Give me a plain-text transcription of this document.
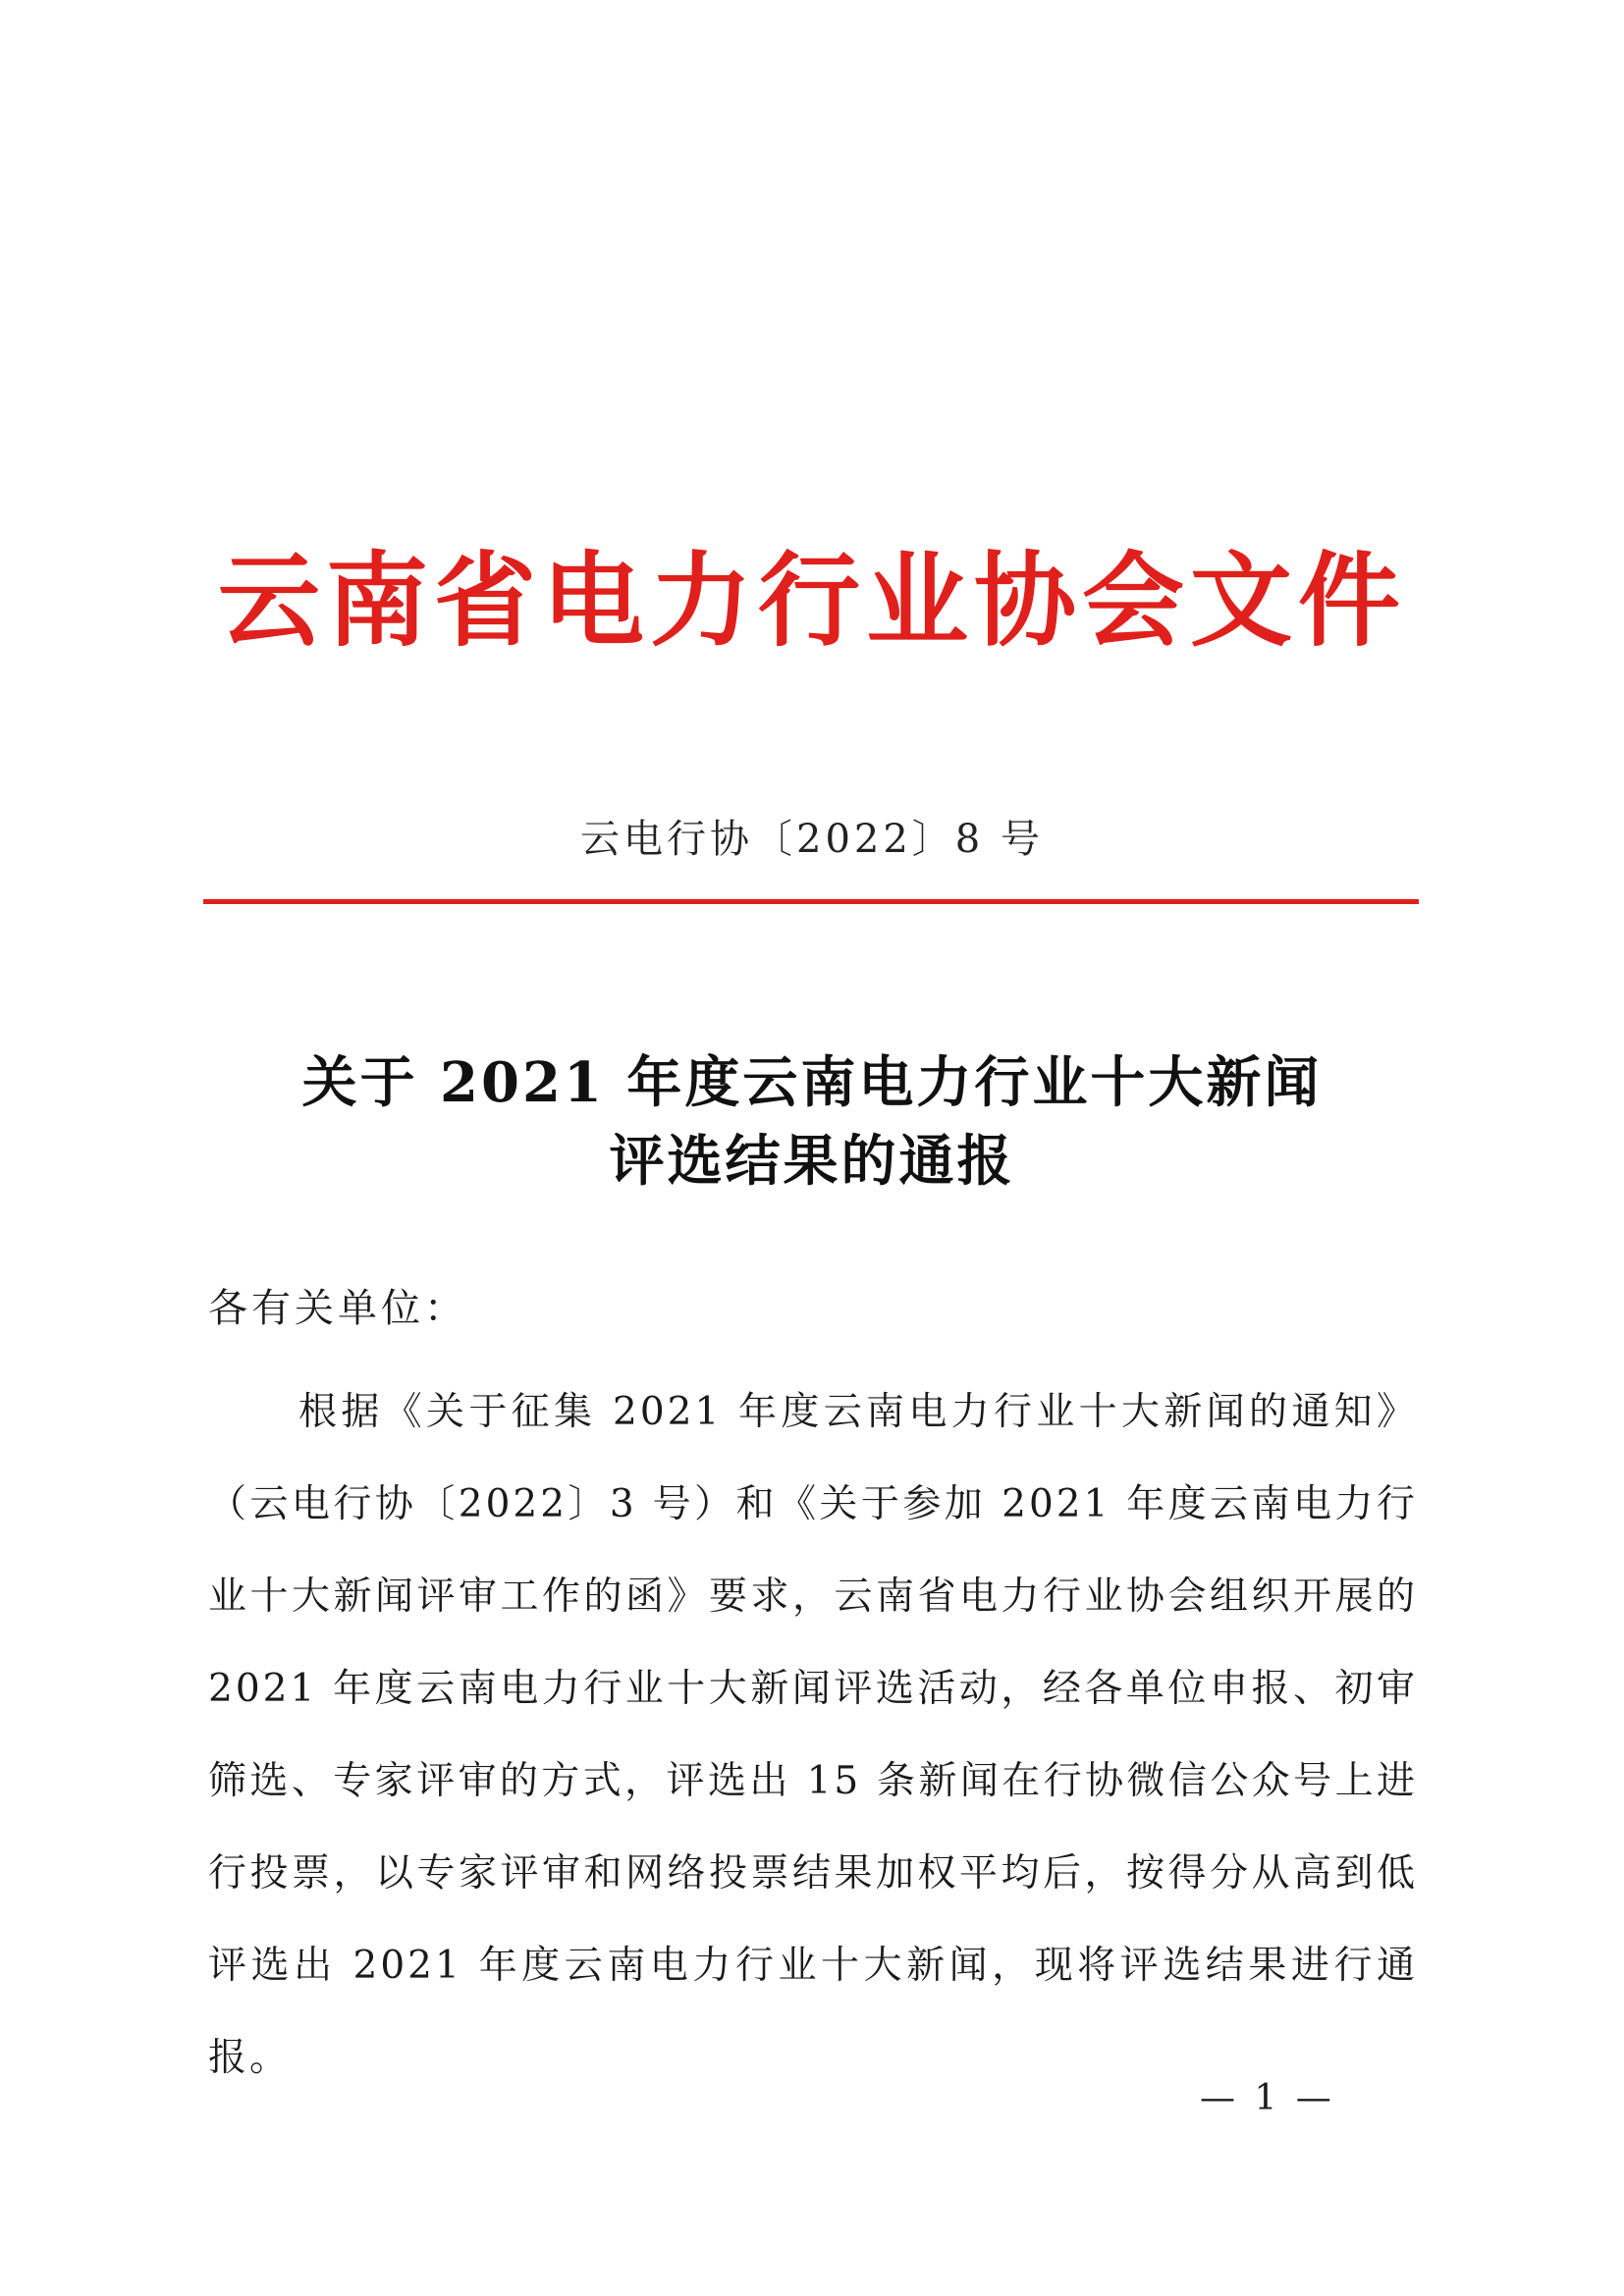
云南省电力行业协会文件
云电行协〔2022〕8 号
关于 2021 年度云南电力行业十大新闻
评选结果的通报
各有关单位：

根据《关于征集 2021 年度云南电力行业十大新闻的通知》（云电行协〔2022〕3 号）和《关于参加 2021 年度云南电力行业十大新闻评审工作的函》要求，云南省电力行业协会组织开展的 2021 年度云南电力行业十大新闻评选活动，经各单位申报、初审筛选、专家评审的方式，评选出 15 条新闻在行协微信公众号上进行投票，以专家评审和网络投票结果加权平均后，按得分从高到低评选出 2021 年度云南电力行业十大新闻，现将评选结果进行通报。

— 1 —
